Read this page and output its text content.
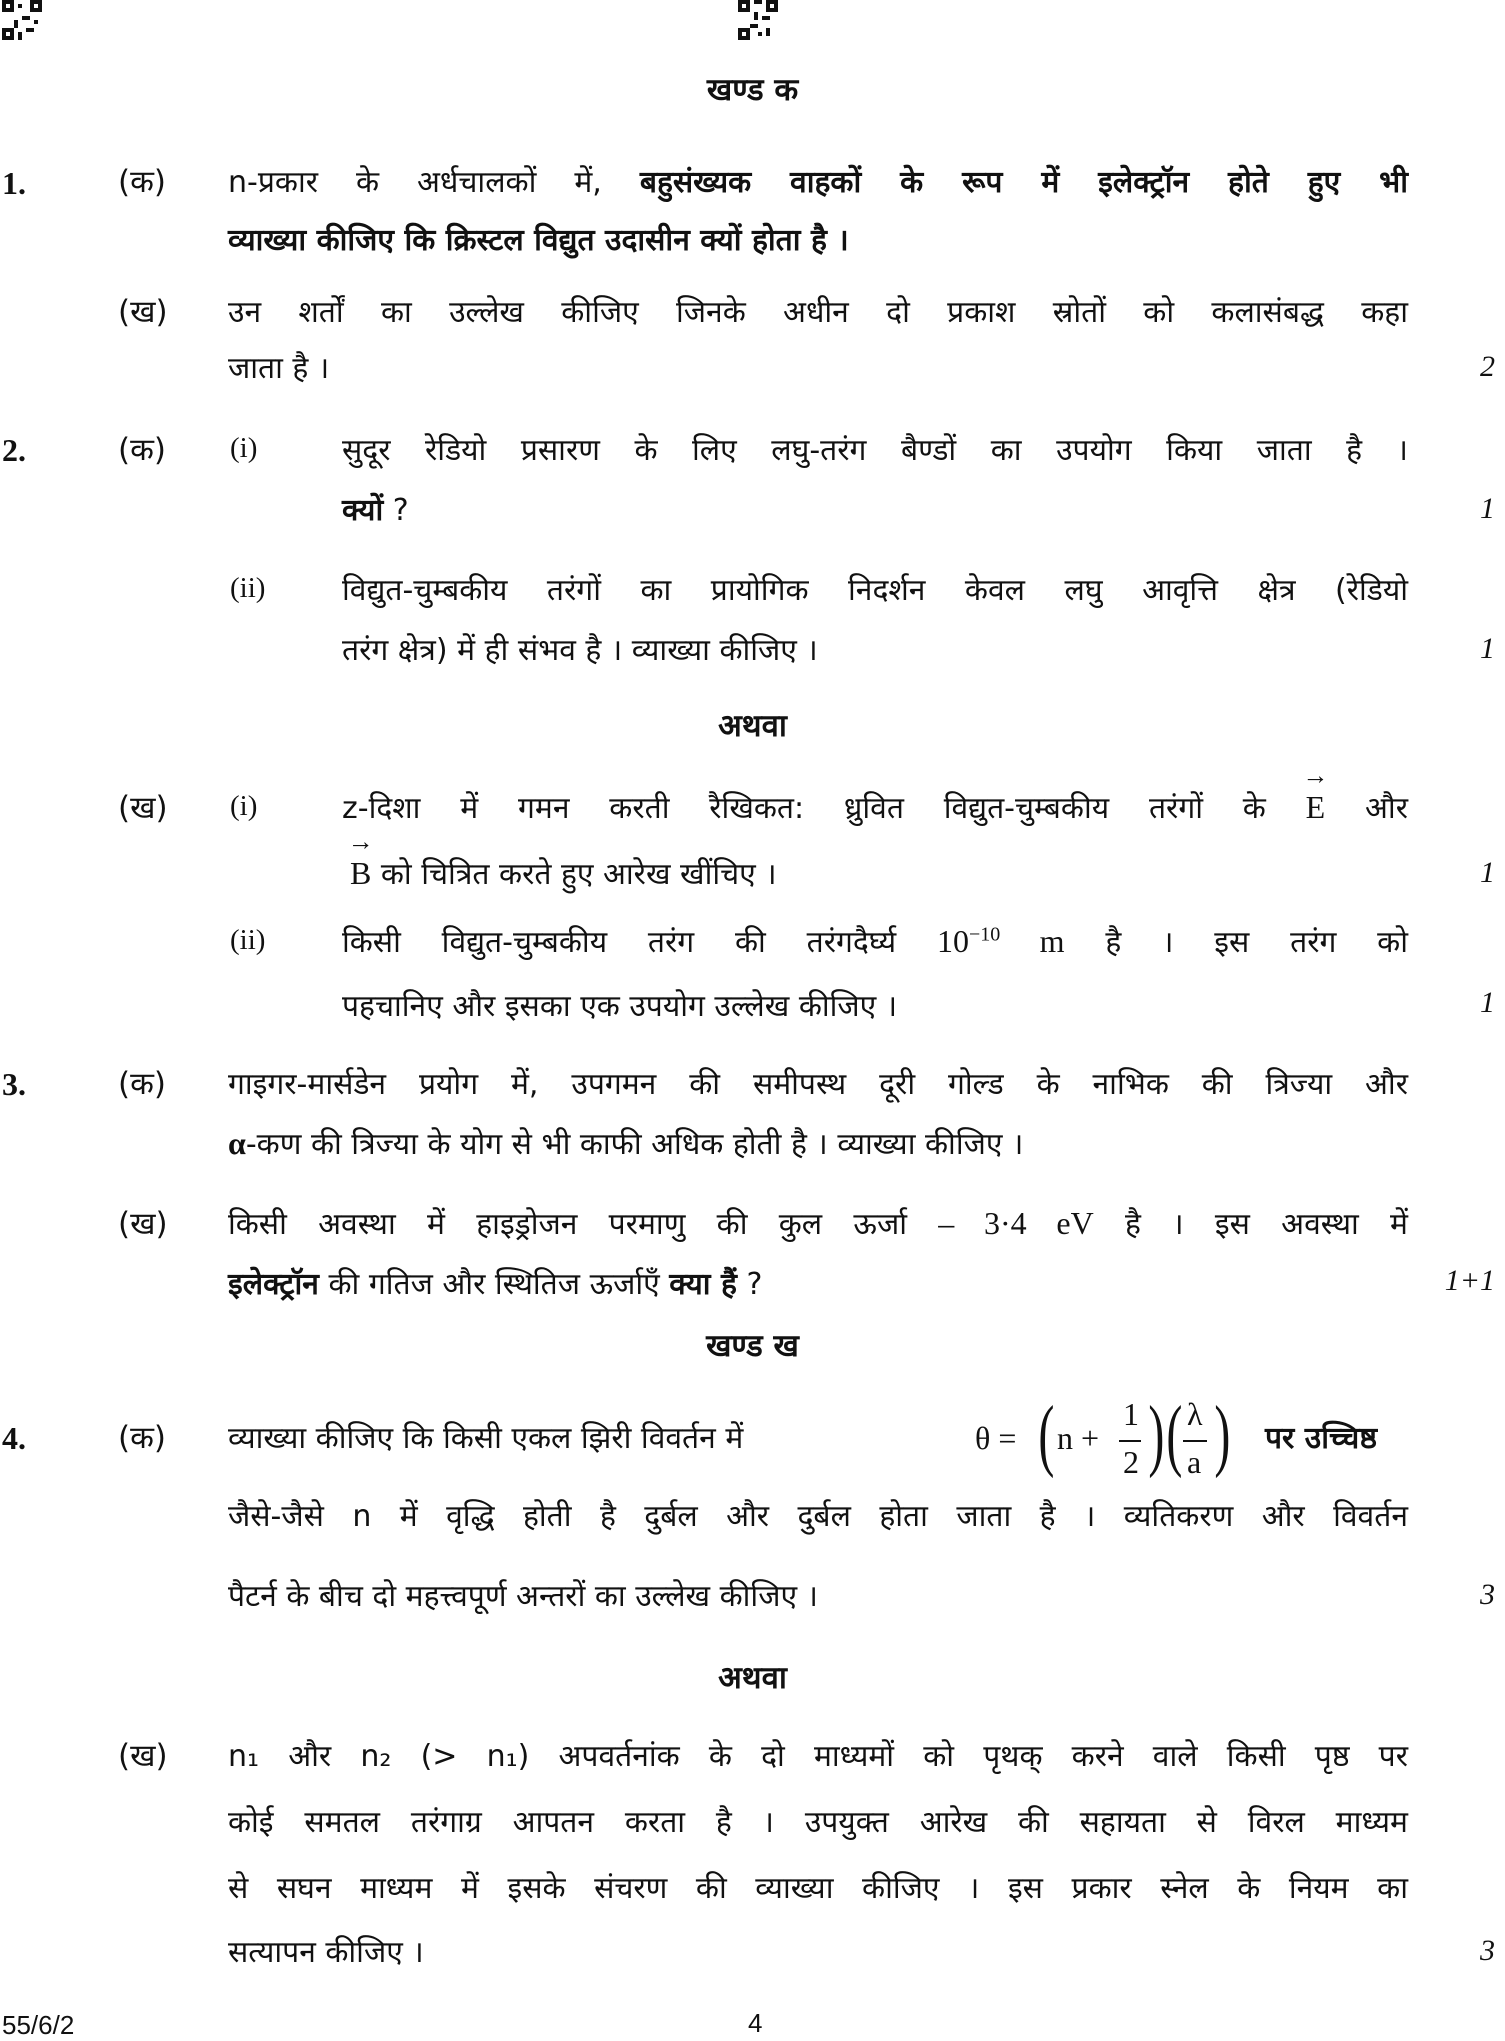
खण्ड क
1.	(क) n-प्रकार के अर्धचालकों में, बहुसंख्यक वाहकों के रूप में इलेक्ट्रॉन होते हुए भी
व्याख्या कीजिए कि क्रिस्टल विद्युत उदासीन क्यों होता है ।
(ख) उन शर्तों का उल्लेख कीजिए जिनके अधीन दो प्रकाश स्रोतों को कलासंबद्ध कहा
जाता है ।	2
2.	(क) (i)	सुदूर रेडियो प्रसारण के लिए लघु-तरंग बैण्डों का उपयोग किया जाता है ।
क्यों ?	1
(ii)	विद्युत-चुम्बकीय तरंगों का प्रायोगिक निदर्शन केवल लघु आवृत्ति क्षेत्र (रेडियो
तरंग क्षेत्र) में ही संभव है । व्याख्या कीजिए ।	1
अथवा
(ख) (i)	z-दिशा में गमन करती रैखिकत: ध्रुवित विद्युत-चुम्बकीय तरंगों के → E और
→ B को चित्रित करते हुए आरेख खींचिए ।	1
(ii)	किसी विद्युत-चुम्बकीय तरंग की तरंगदैर्घ्य $10^{-10}$ m है । इस तरंग को
पहचानिए और इसका एक उपयोग उल्लेख कीजिए ।	1
3.	(क) गाइगर-मार्सडेन प्रयोग में, उपगमन की समीपस्थ दूरी गोल्ड के नाभिक की त्रिज्या और
α-कण की त्रिज्या के योग से भी काफी अधिक होती है । व्याख्या कीजिए ।
(ख) किसी अवस्था में हाइड्रोजन परमाणु की कुल ऊर्जा – 3·4 eV है । इस अवस्था में
इलेक्ट्रॉन की गतिज और स्थितिज ऊर्जाएँ क्या हैं ?	1+1
खण्ड ख
4.	(क) व्याख्या कीजिए कि किसी एकल झिरी विवर्तन में	θ = ( n +
1
2 ) ( λ
a ) पर उच्चिष्ठ
जैसे-जैसे n में वृद्धि होती है दुर्बल और दुर्बल होता जाता है । व्यतिकरण और विवर्तन
पैटर्न के बीच दो महत्त्वपूर्ण अन्तरों का उल्लेख कीजिए ।	3
अथवा
(ख) n₁ और n₂ (> n₁) अपवर्तनांक के दो माध्यमों को पृथक् करने वाले किसी पृष्ठ पर
कोई समतल तरंगाग्र आपतन करता है । उपयुक्त आरेख की सहायता से विरल माध्यम
से सघन माध्यम में इसके संचरण की व्याख्या कीजिए । इस प्रकार स्नेल के नियम का
सत्यापन कीजिए ।	3
55/6/2	4
